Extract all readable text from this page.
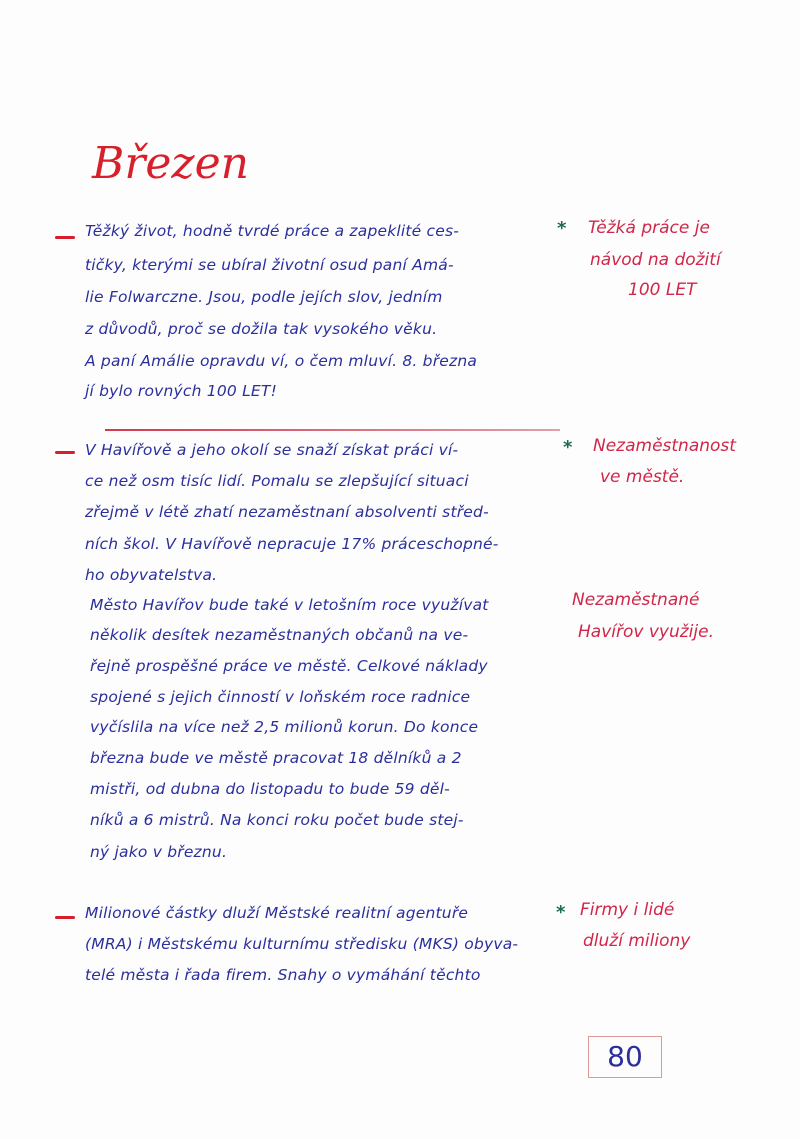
Březen
Těžký život, hodně tvrdé práce a zapeklité ces-
tičky, kterými se ubíral životní osud paní Amá-
lie Folwarczne. Jsou, podle jejích slov, jedním
z důvodů, proč se dožila tak vysokého věku.
A paní Amálie opravdu ví, o čem mluví. 8. března
jí bylo rovných 100 LET!
* Těžká práce je
návod na dožití
100 LET
V Havířově a jeho okolí se snaží získat práci ví-
ce než osm tisíc lidí. Pomalu se zlepšující situaci
zřejmě v létě zhatí nezaměstnaní absolventi střed-
ních škol. V Havířově nepracuje 17% práceschopné-
ho obyvatelstva.
Město Havířov bude také v letošním roce využívat
několik desítek nezaměstnaných občanů na ve-
řejně prospěšné práce ve městě. Celkové náklady
spojené s jejich činností v loňském roce radnice
vyčíslila na více než 2,5 milionů korun. Do konce
března bude ve městě pracovat 18 dělníků a 2
mistři, od dubna do listopadu to bude 59 děl-
níků a 6 mistrů. Na konci roku počet bude stej-
ný jako v březnu.
* Nezaměstnanost
ve městě.
Nezaměstnané
Havířov využije.
Milionové částky dluží Městské realitní agentuře
(MRA) i Městskému kulturnímu středisku (MKS) obyva-
telé města i řada firem. Snahy o vymáhání těchto
* Firmy i lidé
dluží miliony
80
